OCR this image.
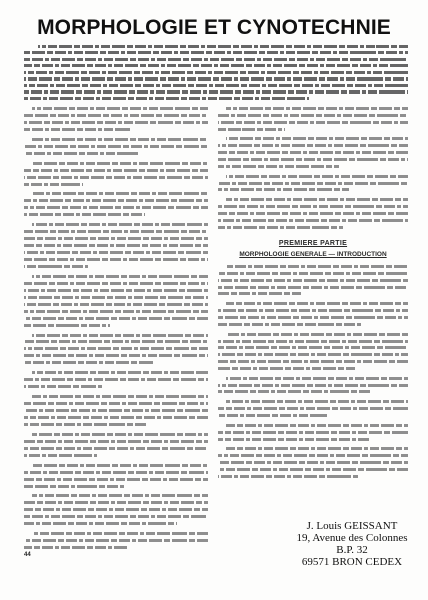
MORPHOLOGIE ET CYNOTECHNIE
PREMIERE PARTIE
MORPHOLOGIE GENERALE — INTRODUCTION
44
J. Louis GEISSANT
19, Avenue des Colonnes
B.P. 32
69571 BRON CEDEX
